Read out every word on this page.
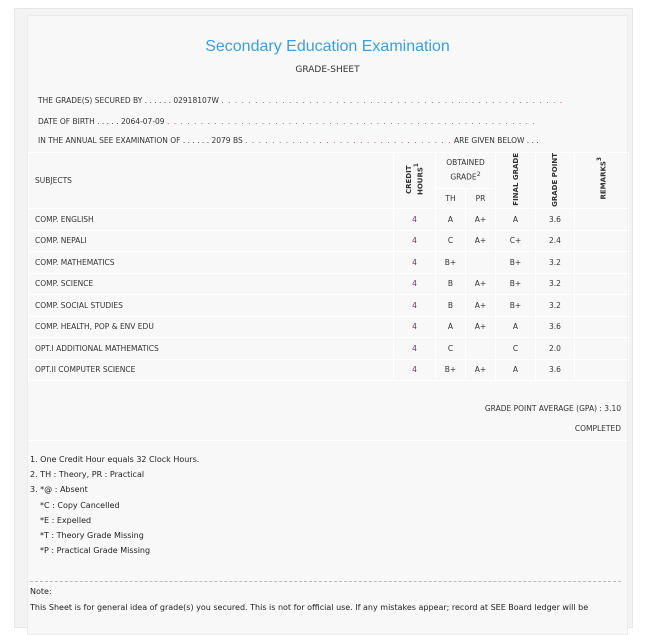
Secondary Education Examination
GRADE-SHEET
THE GRADE(S) SECURED BY . . . . . . 02918107W . . . . . . . . . . . . . . . . . . . . . . . . . . . . . . . . . . . . . . . . . . . . . . . . . . .
DATE OF BIRTH . . . . . 2064-07-09 . . . . . . . . . . . . . . . . . . . . . . . . . . . . . . . . . . . . . . . . . . . . . . . . . . . . . . .
IN THE ANNUAL SEE EXAMINATION OF . . . . . . 2079 BS . . . . . . . . . . . . . . . . . . . . . . . . . . . . . . . ARE GIVEN BELOW . . .
SUBJECTS	CREDIT HOURS$^1$	OBTAINED GRADE$^2$		FINAL GRADE	GRADE POINT	REMARKS$^3$
		TH	PR			
COMP. ENGLISH	4	A	A+	A	3.6	
COMP. NEPALI	4	C	A+	C+	2.4	
COMP. MATHEMATICS	4	B+		B+	3.2	
COMP. SCIENCE	4	B	A+	B+	3.2	
COMP. SOCIAL STUDIES	4	B	A+	B+	3.2	
COMP. HEALTH, POP & ENV EDU	4	A	A+	A	3.6	
OPT.I ADDITIONAL MATHEMATICS	4	C		C	2.0	
OPT.II COMPUTER SCIENCE	4	B+	A+	A	3.6	
GRADE POINT AVERAGE (GPA) : 3.10
COMPLETED
1. One Credit Hour equals 32 Clock Hours.
2. TH : Theory, PR : Practical
3. *@ : Absent
*C : Copy Cancelled
*E : Expelled
*T : Theory Grade Missing
*P : Practical Grade Missing
Note:
This Sheet is for general idea of grade(s) you secured. This is not for official use. If any mistakes appear; record at SEE Board ledger will be
